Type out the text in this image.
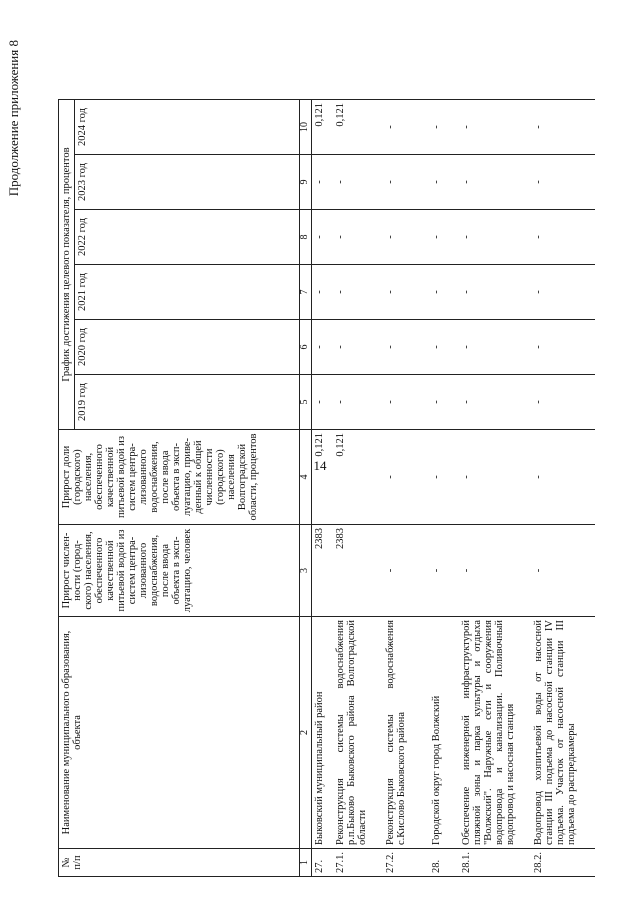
14
Продолжение приложения 8
№ п/п	Наименование муниципального образования, объекта	Прирост числен-ности (город-ского) населения, обеспеченного качественной питьевой водой из систем центра-лизованного водоснабжения, после ввода объекта в эксп-луатацию, человек	Прирост доли (городского) населения, обеспеченного качественной питьевой водой из систем центра-лизованного водоснабжения, после ввода объекта в эксп-луатацию, приве-денный к общей численности (городского) населения Волгоградской области, процентов	График достижения целевого показателя, процентов					
				2019 год	2020 год	2021 год	2022 год	2023 год	2024 год
1	2	3	4	5	6	7	8	9	10
27.	Быковский муниципальный район	2383	0,121	-	-	-	-	-	0,121
27.1.	Реконструкция системы водоснабжения р.п.Быково Быковского района Волгоградской области	2383	0,121	-	-	-	-	-	0,121
27.2.	Реконструкция системы водоснабжения с.Кислово Быковского района	-	-	-	-	-	-	-	-
28.	Городской округ город Волжский	-	-	-	-	-	-	-	-
28.1.	Обеспечение инженерной инфраструктурой пляжной зоны и парка культуры и отдыха "Волжский". Наружные сети и сооружения водопровода и канализации. Поливочный водопровод и насосная станция	-	-	-	-	-	-	-	-
28.2.	Водопровод хозпитьевой воды от насосной станции III подъема до насосной станции IV подъема. Участок от насосной станции III подъема до распредкамеры	-	-	-	-	-	-	-	-
